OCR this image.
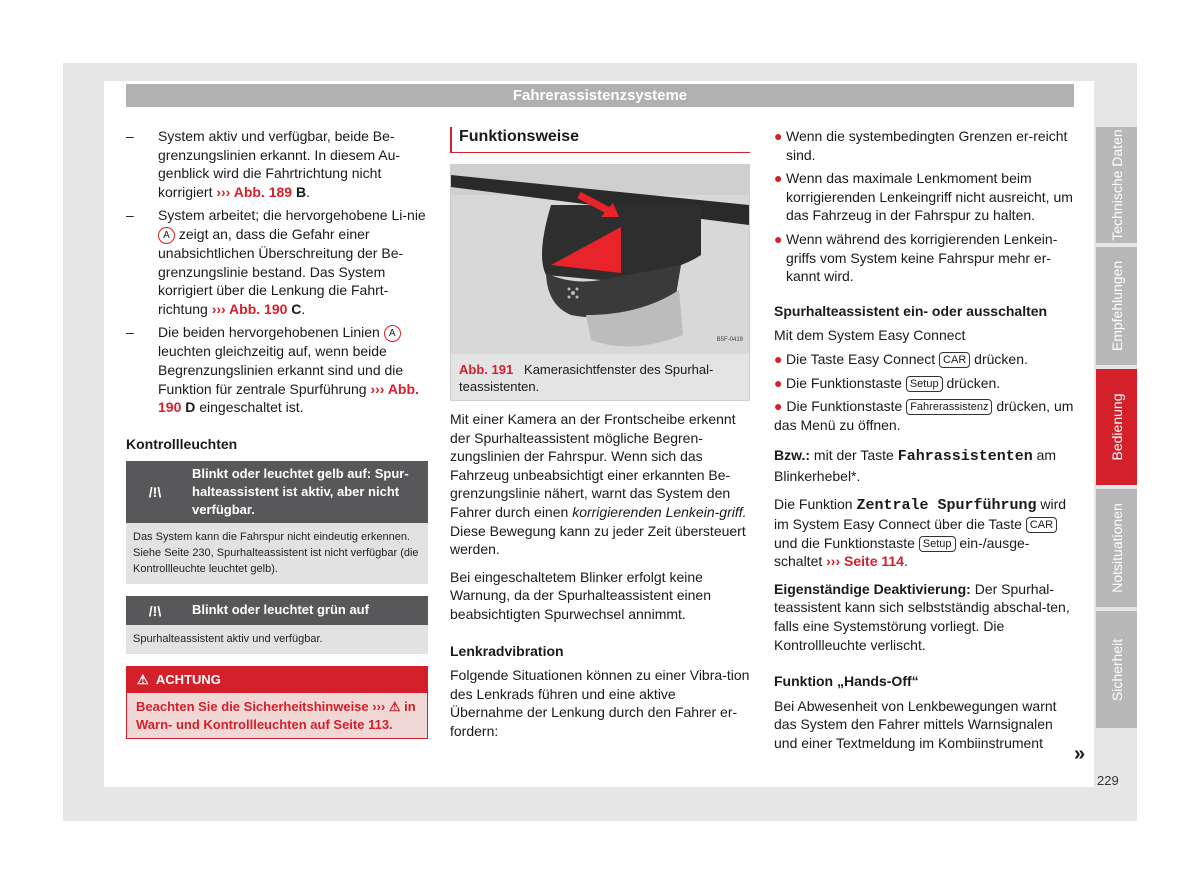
Fahrerassistenzsysteme
– System aktiv und verfügbar, beide Be-grenzungslinien erkannt. In diesem Au-genblick wird die Fahrtrichtung nicht korrigiert ››› Abb. 189 B.
– System arbeitet; die hervorgehobene Li-nie A zeigt an, dass die Gefahr einer unabsichtlichen Überschreitung der Be-grenzungslinie bestand. Das System korrigiert über die Lenkung die Fahrt-richtung ››› Abb. 190 C.
– Die beiden hervorgehobenen Linien A leuchten gleichzeitig auf, wenn beide Begrenzungslinien erkannt sind und die Funktion für zentrale Spurführung ››› Abb. 190 D eingeschaltet ist.
Kontrollleuchten
/!\
Blinkt oder leuchtet gelb auf: Spur-halteassistent ist aktiv, aber nicht verfügbar.
Das System kann die Fahrspur nicht eindeutig erkennen. Siehe Seite 230, Spurhalteassistent ist nicht verfügbar (die Kontrollleuchte leuchtet gelb).
/!\	Blinkt oder leuchtet grün auf
Spurhalteassistent aktiv und verfügbar.
⚠ ACHTUNG
Beachten Sie die Sicherheitshinweise ››› ⚠ in Warn- und Kontrollleuchten auf Seite 113.
Funktionsweise
B5F-0419
Abb. 191 Kamerasichtfenster des Spurhal-teassistenten.

Mit einer Kamera an der Frontscheibe erkennt der Spurhalteassistent mögliche Begren-zungslinien der Fahrspur. Wenn sich das Fahrzeug unbeabsichtigt einer erkannten Be-grenzungslinie nähert, warnt das System den Fahrer durch einen korrigierenden Lenkein-griff. Diese Bewegung kann zu jeder Zeit übersteuert werden.

Bei eingeschaltetem Blinker erfolgt keine Warnung, da der Spurhalteassistent einen beabsichtigten Spurwechsel annimmt.

Lenkradvibration

Folgende Situationen können zu einer Vibra-tion des Lenkrads führen und eine aktive Übernahme der Lenkung durch den Fahrer er-fordern:

● Wenn die systembedingten Grenzen er-reicht sind.
● Wenn das maximale Lenkmoment beim korrigierenden Lenkeingriff nicht ausreicht, um das Fahrzeug in der Fahrspur zu halten.
● Wenn während des korrigierenden Lenkein-griffs vom System keine Fahrspur mehr er-kannt wird.
Spurhalteassistent ein- oder ausschalten

Mit dem System Easy Connect

● Die Taste Easy Connect CAR drücken.
● Die Funktionstaste Setup drücken.
● Die Funktionstaste Fahrerassistenz drücken, um das Menü zu öffnen.

Bzw.: mit der Taste Fahrassistenten am Blinkerhebel*.

Die Funktion Zentrale Spurführung wird im System Easy Connect über die Taste CAR und die Funktionstaste Setup ein-/ausge-schaltet ››› Seite 114.

Eigenständige Deaktivierung: Der Spurhal-teassistent kann sich selbstständig abschal-ten, falls eine Systemstörung vorliegt. Die Kontrollleuchte verlischt.

Funktion „Hands-Off“

Bei Abwesenheit von Lenkbewegungen warnt das System den Fahrer mittels Warnsignalen und einer Textmeldung im Kombiinstrument	»
Technische Daten
Empfehlungen
Bedienung
Notsituationen
Sicherheit
229
